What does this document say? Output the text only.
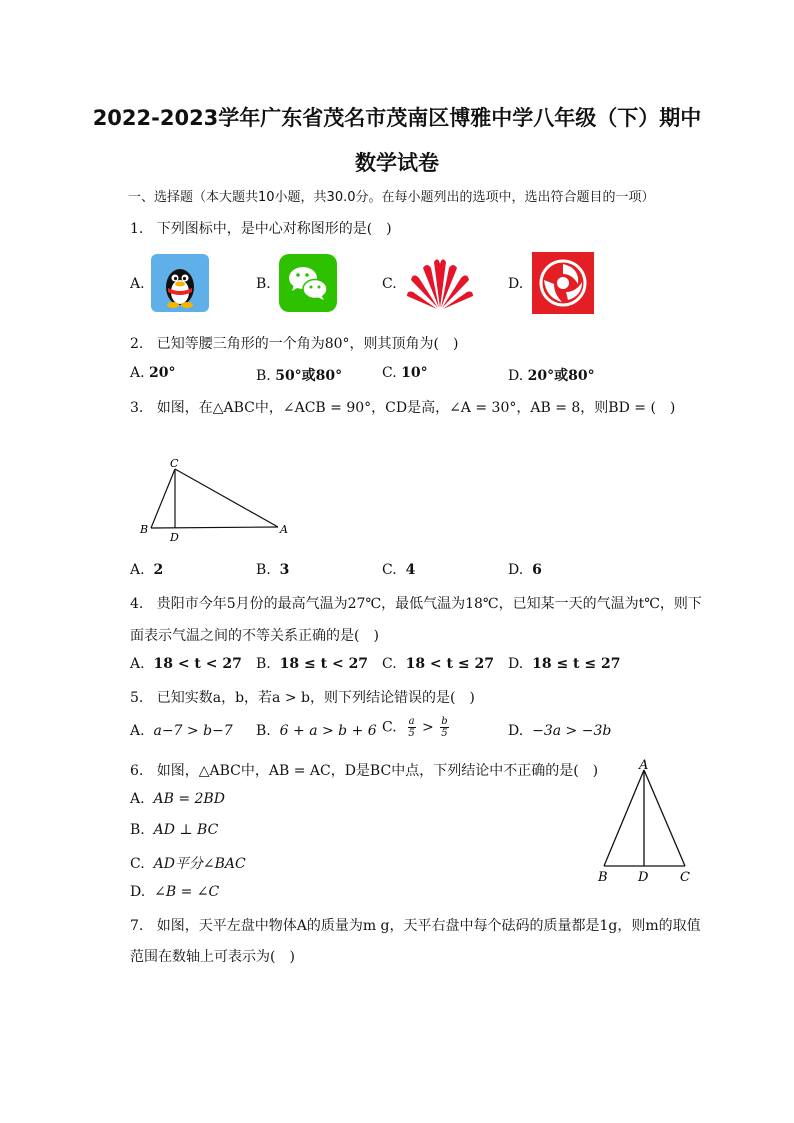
2022-2023学年广东省茂名市茂南区博雅中学八年级（下）期中
数学试卷
一、选择题（本大题共10小题，共30.0分。在每小题列出的选项中，选出符合题目的一项）
1. 下列图标中，是中心对称图形的是(　)
A.	B.	C.	D.
2. 已知等腰三角形的一个角为80°，则其顶角为(　)
A. 20°	B. 50°或80°	C. 10°	D. 20°或80°
3. 如图，在△ABC中，∠ACB = 90°，CD是高，∠A = 30°，AB = 8，则BD = (　)
C
B
D
A
A. 2	B. 3	C. 4	D. 6
4. 贵阳市今年5月份的最高气温为27℃，最低气温为18℃，已知某一天的气温为t℃，则下
面表示气温之间的不等关系正确的是(　)
A. 18 < t < 27 B. 18 ≤ t < 27 C. 18 < t ≤ 27 D. 18 ≤ t ≤ 27
5. 已知实数a，b，若a > b，则下列结论错误的是(　)
A. a−7 > b−7 B. 6 + a > b + 6 C. $\frac{a}{5} > \frac{b}{5}$	D. −3a > −3b
6. 如图，△ABC中，AB = AC，D是BC中点，下列结论中不正确的是(　)
A. AB = 2BD
B. AD ⊥ BC
C. AD平分∠BAC
D. ∠B = ∠C
A
B D C
7. 如图，天平左盘中物体A的质量为m g，天平右盘中每个砝码的质量都是1g，则m的取值
范围在数轴上可表示为(　)
